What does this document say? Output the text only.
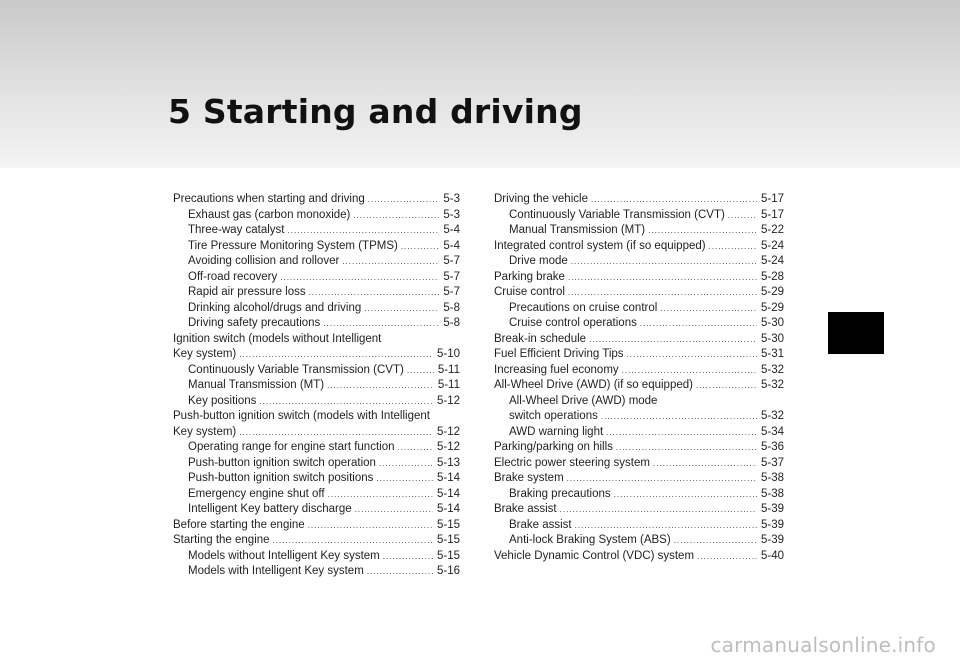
5 Starting and driving
Precautions when starting and driving .....	5-3
Exhaust gas (carbon monoxide) .....	5-3
Three-way catalyst .....	5-4
Tire Pressure Monitoring System (TPMS) .....	5-4
Avoiding collision and rollover .....	5-7
Off-road recovery .....	5-7
Rapid air pressure loss .....	5-7
Drinking alcohol/drugs and driving .....	5-8
Driving safety precautions .....	5-8
Ignition switch (models without Intelligent
Key system) .....	5-10
Continuously Variable Transmission (CVT) .....	5-11
Manual Transmission (MT) .....	5-11
Key positions .....	5-12
Push-button ignition switch (models with Intelligent
Key system) .....	5-12
Operating range for engine start function .....	5-12
Push-button ignition switch operation .....	5-13
Push-button ignition switch positions .....	5-14
Emergency engine shut off .....	5-14
Intelligent Key battery discharge .....	5-14
Before starting the engine .....	5-15
Starting the engine .....	5-15
Models without Intelligent Key system .....	5-15
Models with Intelligent Key system .....	5-16
Driving the vehicle .....	5-17
Continuously Variable Transmission (CVT) .....	5-17
Manual Transmission (MT) .....	5-22
Integrated control system (if so equipped) .....	5-24
Drive mode .....	5-24
Parking brake .....	5-28
Cruise control .....	5-29
Precautions on cruise control .....	5-29
Cruise control operations .....	5-30
Break-in schedule .....	5-30
Fuel Efficient Driving Tips .....	5-31
Increasing fuel economy .....	5-32
All-Wheel Drive (AWD) (if so equipped) .....	5-32
All-Wheel Drive (AWD) mode
switch operations .....	5-32
AWD warning light .....	5-34
Parking/parking on hills .....	5-36
Electric power steering system .....	5-37
Brake system .....	5-38
Braking precautions .....	5-38
Brake assist .....	5-39
Brake assist .....	5-39
Anti-lock Braking System (ABS) .....	5-39
Vehicle Dynamic Control (VDC) system .....	5-40
carmanualsonline.info
